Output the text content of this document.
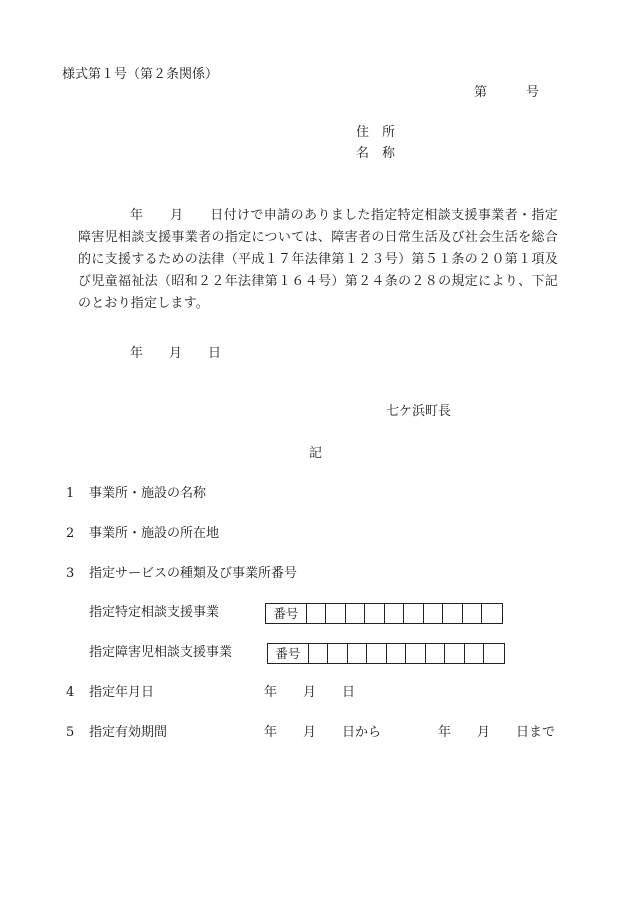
様式第１号（第２条関係）
第　　　号
住　所
名　称
年　　月　　日付けで申請のありました指定特定相談支援事業者・指定障害児相談支援事業者の指定については、障害者の日常生活及び社会生活を総合的に支援するための法律（平成１７年法律第１２３号）第５１条の２０第１項及び児童福祉法（昭和２２年法律第１６４号）第２４条の２８の規定により、下記のとおり指定します。
年　　月　　日
七ケ浜町長
記
1 事業所・施設の名称
2 事業所・施設の所在地
3 指定サービスの種類及び事業所番号
指定特定相談支援事業	番号
指定障害児相談支援事業	番号
4 指定年月日	年　　月　　日
5 指定有効期間	年　　月　　日から	年　　月　　日まで
